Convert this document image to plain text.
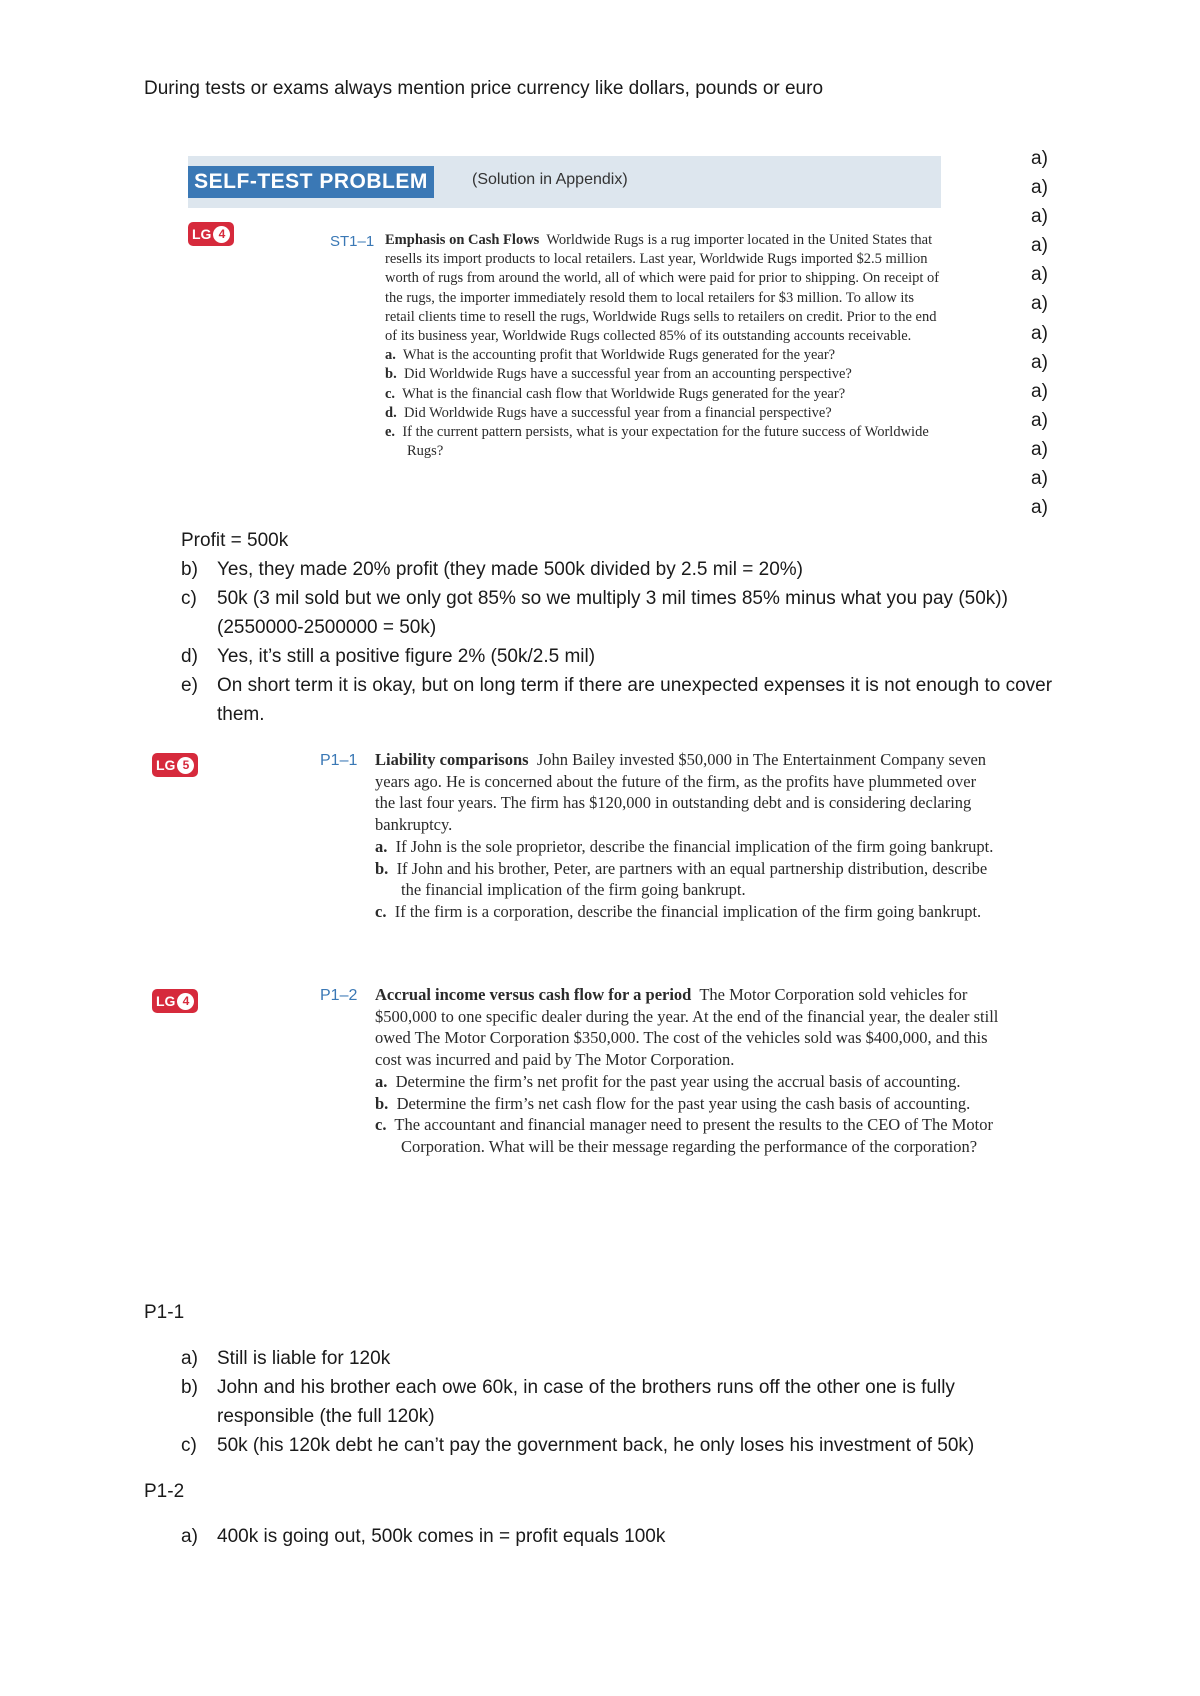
During tests or exams always mention price currency like dollars, pounds or euro
SELF-TEST PROBLEM	(Solution in Appendix)
LG 4	ST1–1 Emphasis on Cash Flows Worldwide Rugs is a rug importer located in the United States that resells its import products to local retailers. Last year, Worldwide Rugs imported $2.5 million worth of rugs from around the world, all of which were paid for prior to shipping. On receipt of the rugs, the importer immediately resold them to local retailers for $3 million. To allow its retail clients time to resell the rugs, Worldwide Rugs sells to retailers on credit. Prior to the end of its business year, Worldwide Rugs collected 85% of its outstanding accounts receivable.
a. What is the accounting profit that Worldwide Rugs generated for the year?
b. Did Worldwide Rugs have a successful year from an accounting perspective?
c. What is the financial cash flow that Worldwide Rugs generated for the year?
d. Did Worldwide Rugs have a successful year from a financial perspective?
e. If the current pattern persists, what is your expectation for the future success of Worldwide Rugs?
a)
a)
a)
a)
a)
a)
a)
a)
a)
a)
a)
a)
a)
Profit = 500k
b)	Yes, they made 20% profit (they made 500k divided by 2.5 mil = 20%)
c)	50k (3 mil sold but we only got 85% so we multiply 3 mil times 85% minus what you pay (50k)) (2550000-2500000 = 50k)
d)	Yes, it’s still a positive figure 2% (50k/2.5 mil)
e)	On short term it is okay, but on long term if there are unexpected expenses it is not enough to cover them.
LG 5	P1–1 Liability comparisons John Bailey invested $50,000 in The Entertainment Company seven years ago. He is concerned about the future of the firm, as the profits have plummeted over the last four years. The firm has $120,000 in outstanding debt and is considering declaring bankruptcy.
a. If John is the sole proprietor, describe the financial implication of the firm going bankrupt.
b. If John and his brother, Peter, are partners with an equal partnership distribution, describe the financial implication of the firm going bankrupt.
c. If the firm is a corporation, describe the financial implication of the firm going bankrupt.
LG 4	P1–2 Accrual income versus cash flow for a period The Motor Corporation sold vehicles for $500,000 to one specific dealer during the year. At the end of the financial year, the dealer still owed The Motor Corporation $350,000. The cost of the vehicles sold was $400,000, and this cost was incurred and paid by The Motor Corporation.
a. Determine the firm’s net profit for the past year using the accrual basis of accounting.
b. Determine the firm’s net cash flow for the past year using the cash basis of accounting.
c. The accountant and financial manager need to present the results to the CEO of The Motor Corporation. What will be their message regarding the performance of the corporation?
P1-1
a)	Still is liable for 120k
b)	John and his brother each owe 60k, in case of the brothers runs off the other one is fully responsible (the full 120k)
c)	50k (his 120k debt he can’t pay the government back, he only loses his investment of 50k)
P1-2
a)	400k is going out, 500k comes in = profit equals 100k
